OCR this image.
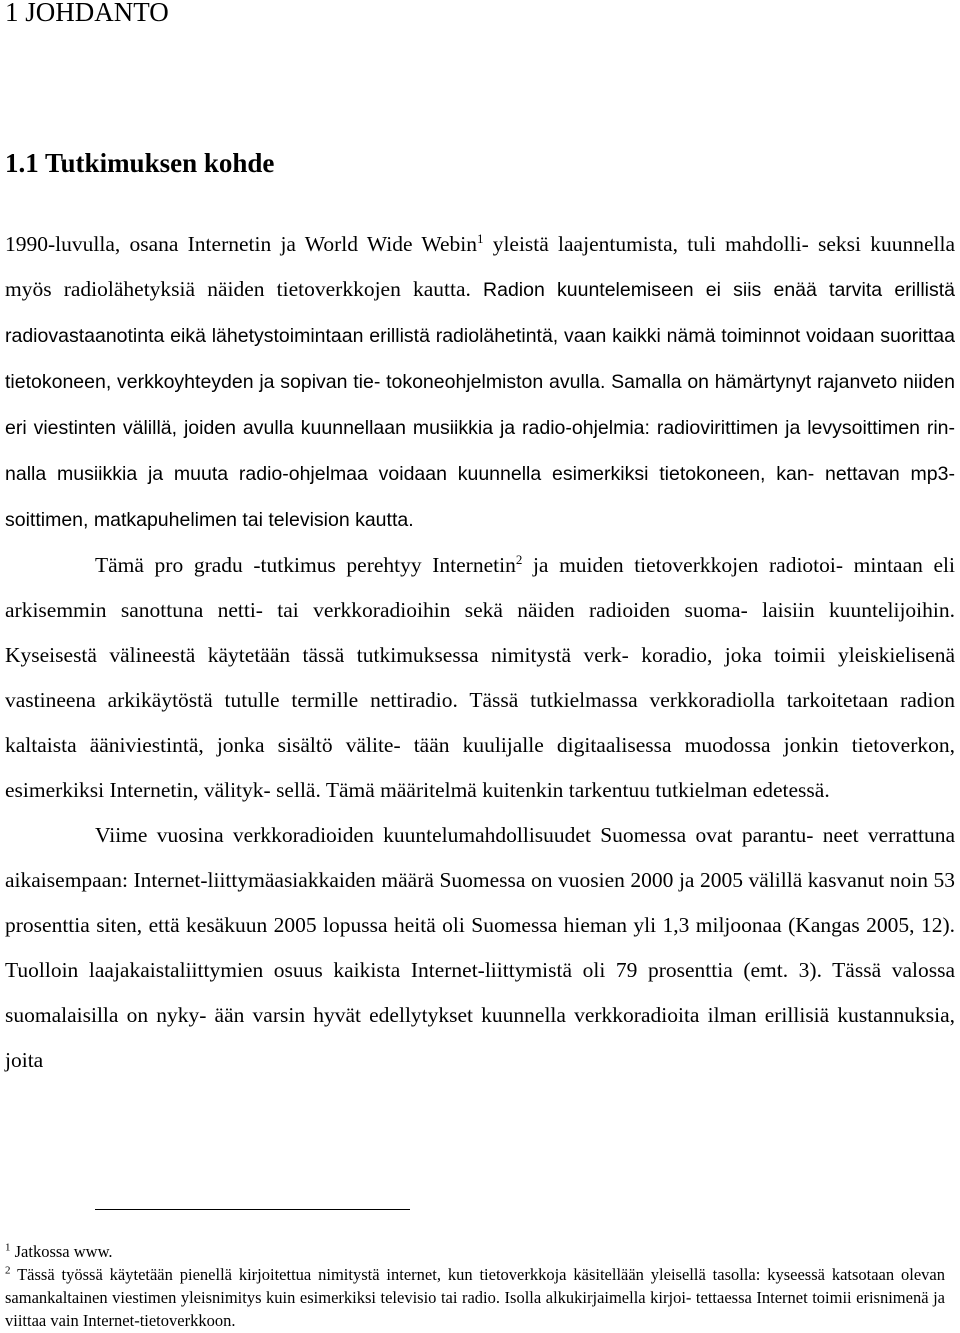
1 JOHDANTO
1.1 Tutkimuksen kohde

1990-luvulla, osana Internetin ja World Wide Webin$^1$ yleistä laajentumista, tuli mahdolli- seksi kuunnella myös radiolähetyksiä näiden tietoverkkojen kautta. Radion kuuntelemiseen ei siis enää tarvita erillistä radiovastaanotinta eikä lähetystoimintaan erillistä radiolähetintä, vaan kaikki nämä toiminnot voidaan suorittaa tietokoneen, verkkoyhteyden ja sopivan tie- tokoneohjelmiston avulla. Samalla on hämärtynyt rajanveto niiden eri viestinten välillä, joiden avulla kuunnellaan musiikkia ja radio-ohjelmia: radiovirittimen ja levysoittimen rin- nalla musiikkia ja muuta radio-ohjelmaa voidaan kuunnella esimerkiksi tietokoneen, kan- nettavan mp3-soittimen, matkapuhelimen tai television kautta.

Tämä pro gradu -tutkimus perehtyy Internetin$^2$ ja muiden tietoverkkojen radiotoi- mintaan eli arkisemmin sanottuna netti- tai verkkoradioihin sekä näiden radioiden suoma- laisiin kuuntelijoihin. Kyseisestä välineestä käytetään tässä tutkimuksessa nimitystä verk- koradio, joka toimii yleiskielisenä vastineena arkikäytöstä tutulle termille nettiradio. Tässä tutkielmassa verkkoradiolla tarkoitetaan radion kaltaista ääniviestintä, jonka sisältö välite- tään kuulijalle digitaalisessa muodossa jonkin tietoverkon, esimerkiksi Internetin, välityk- sellä. Tämä määritelmä kuitenkin tarkentuu tutkielman edetessä.

Viime vuosina verkkoradioiden kuuntelumahdollisuudet Suomessa ovat parantu- neet verrattuna aikaisempaan: Internet-liittymäasiakkaiden määrä Suomessa on vuosien 2000 ja 2005 välillä kasvanut noin 53 prosenttia siten, että kesäkuun 2005 lopussa heitä oli Suomessa hieman yli 1,3 miljoonaa (Kangas 2005, 12). Tuolloin laajakaistaliittymien osuus kaikista Internet-liittymistä oli 79 prosenttia (emt. 3). Tässä valossa suomalaisilla on nyky- ään varsin hyvät edellytykset kuunnella verkkoradioita ilman erillisiä kustannuksia, joita

$^1$ Jatkossa www.

$^2$ Tässä työssä käytetään pienellä kirjoitettua nimitystä internet, kun tietoverkkoja käsitellään yleisellä tasolla: kyseessä katsotaan olevan samankaltainen viestimen yleisnimitys kuin esimerkiksi televisio tai radio. Isolla alkukirjaimella kirjoi- tettaessa Internet toimii erisnimenä ja viittaa vain Internet-tietoverkkoon.
